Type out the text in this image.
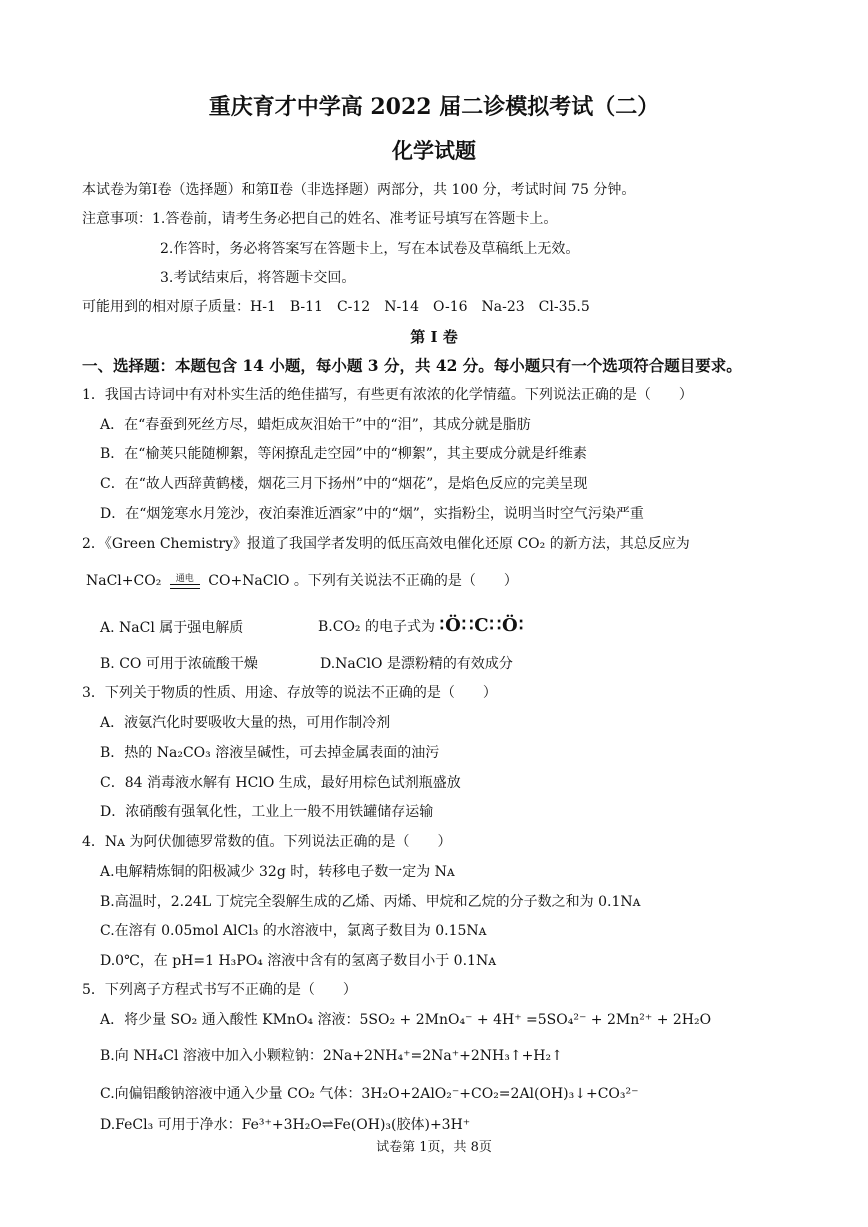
重庆育才中学高 2022 届二诊模拟考试（二）
化学试题
本试卷为第Ⅰ卷（选择题）和第Ⅱ卷（非选择题）两部分，共 100 分，考试时间 75 分钟。
注意事项：1.答卷前，请考生务必把自己的姓名、准考证号填写在答题卡上。
2.作答时，务必将答案写在答题卡上，写在本试卷及草稿纸上无效。
3.考试结束后，将答题卡交回。
可能用到的相对原子质量：H-1　B-11　C-12　N-14　O-16　Na-23　Cl-35.5
第 I 卷
一、选择题：本题包含 14 小题，每小题 3 分，共 42 分。每小题只有一个选项符合题目要求。
1．我国古诗词中有对朴实生活的绝佳描写，有些更有浓浓的化学情蕴。下列说法正确的是（　　）
A．在“春蚕到死丝方尽，蜡炬成灰泪始干”中的“泪”，其成分就是脂肪
B．在“榆荚只能随柳絮，等闲撩乱走空园”中的“柳絮”，其主要成分就是纤维素
C．在“故人西辞黄鹤楼，烟花三月下扬州”中的“烟花”，是焰色反应的完美呈现
D．在“烟笼寒水月笼沙，夜泊秦淮近酒家”中的“烟”，实指粉尘，说明当时空气污染严重
2．《Green Chemistry》报道了我国学者发明的低压高效电催化还原 CO₂ 的新方法，其总反应为
NaCl+CO₂	通电	CO+NaClO 。下列有关说法不正确的是（　　）
A. NaCl 属于强电解质	B.CO₂ 的电子式为 ∶Ö∷C∷Ö∶
B. CO 可用于浓硫酸干燥	D.NaClO 是漂粉精的有效成分
3．下列关于物质的性质、用途、存放等的说法不正确的是（　　）
A．液氨汽化时要吸收大量的热，可用作制冷剂
B．热的 Na₂CO₃ 溶液呈碱性，可去掉金属表面的油污
C．84 消毒液水解有 HClO 生成，最好用棕色试剂瓶盛放
D．浓硝酸有强氧化性，工业上一般不用铁罐储存运输
4．Nᴀ 为阿伏伽德罗常数的值。下列说法正确的是（　　）
A.电解精炼铜的阳极减少 32g 时，转移电子数一定为 Nᴀ
B.高温时，2.24L 丁烷完全裂解生成的乙烯、丙烯、甲烷和乙烷的分子数之和为 0.1Nᴀ
C.在溶有 0.05mol AlCl₃ 的水溶液中，氯离子数目为 0.15Nᴀ
D.0℃，在 pH=1 H₃PO₄ 溶液中含有的氢离子数目小于 0.1Nᴀ
5．下列离子方程式书写不正确的是（　　）
A．将少量 SO₂ 通入酸性 KMnO₄ 溶液：5SO₂ + 2MnO₄⁻ + 4H⁺ =5SO₄²⁻ + 2Mn²⁺ + 2H₂O
B.向 NH₄Cl 溶液中加入小颗粒钠：2Na+2NH₄⁺=2Na⁺+2NH₃↑+H₂↑
C.向偏铝酸钠溶液中通入少量 CO₂ 气体：3H₂O+2AlO₂⁻+CO₂=2Al(OH)₃↓+CO₃²⁻
D.FeCl₃ 可用于净水：Fe³⁺+3H₂O⇌Fe(OH)₃(胶体)+3H⁺
试卷第 1页，共 8页
